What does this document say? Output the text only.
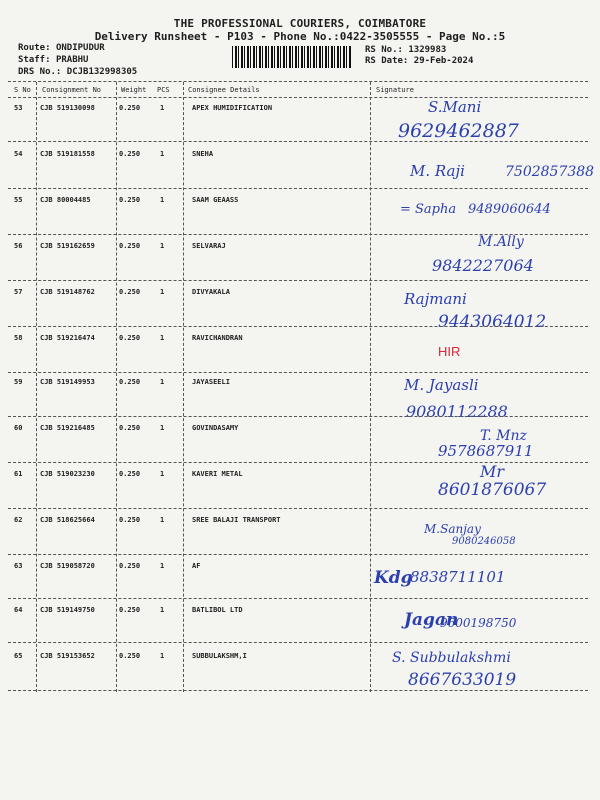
THE PROFESSIONAL COURIERS, COIMBATORE
Delivery Runsheet - P103 - Phone No.:0422-3505555 - Page No.:5
Route: ONDIPUDUR
Staff: PRABHU
DRS No.: DCJB132998305
RS No.: 1329983
RS Date: 29-Feb-2024
S No Consignment No	Weight PCS	Consignee Details	Signature
53	CJB 519130098	0.250	1	APEX HUMIDIFICATION	S.Mani
9629462887
54	CJB 519181558	0.250	1	SNEHA
M. Raji	7502857388
55	CJB 80004485	0.250	1	SAAM GEAASS
= Sapha 9489060644
56	CJB 519162659	0.250	1	SELVARAJ	M.Ally
9842227064
57	CJB 519148762	0.250	1	DIVYAKALA	Rajmani
9443064012
58	CJB 519216474	0.250	1	RAVICHANDRAN
HIR
59	CJB 519149953	0.250	1	JAYASEELI	M. Jayasli
9080112288
60	CJB 519216485	0.250	1	GOVINDASAMY	T. Mnz
9578687911
61	CJB 519023230	0.250	1	KAVERI METAL	Mr
8601876067
62	CJB 518625664	0.250	1	SREE BALAJI TRANSPORT
M.Sanjay
9080246058
63	CJB 519058720	0.250	1	AF
Kdg
8838711101
64	CJB 519149750	0.250	1	BATLIBOL LTD	Jagan
9600198750
65	CJB 519153652	0.250	1	SUBBULAKSHM,I	S. Subbulakshmi
8667633019
